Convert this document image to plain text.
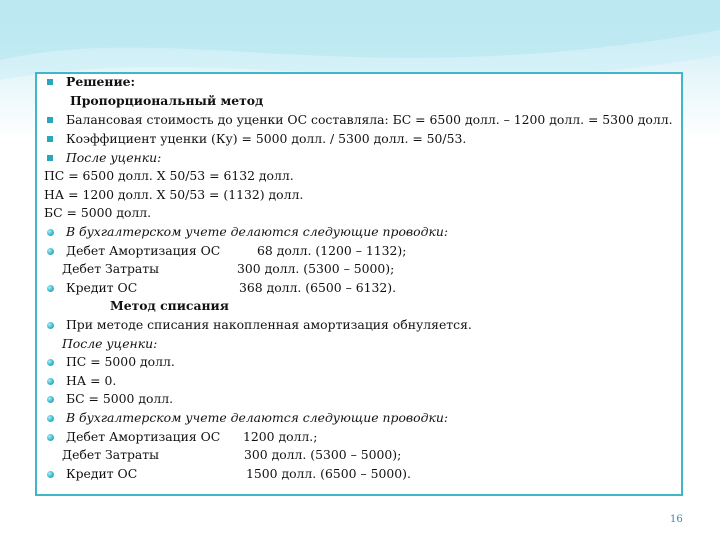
Решение:
Пропорциональный метод
Балансовая стоимость до уценки ОС составляла: БС = 6500 долл. – 1200 долл. = 5300 долл.
Коэффициент уценки (Ку) = 5000 долл. / 5300 долл. = 50/53.
После уценки:
ПС = 6500 долл. Х 50/53 = 6132 долл.
НА = 1200 долл. Х 50/53 = (1132) долл.
БС = 5000 долл.
В бухгалтерском учете делаются следующие проводки:
Дебет Амортизация ОС	68 долл. (1200 – 1132);
Дебет Затраты	300 долл. (5300 – 5000);
Кредит ОС	368 долл. (6500 – 6132).
Метод списания
При методе списания накопленная амортизация обнуляется.
После уценки:
ПС = 5000 долл.
НА = 0.
БС = 5000 долл.
В бухгалтерском учете делаются следующие проводки:
Дебет Амортизация ОС 1200 долл.;
Дебет Затраты	300 долл. (5300 – 5000);
Кредит ОС	1500 долл. (6500 – 5000).
16
